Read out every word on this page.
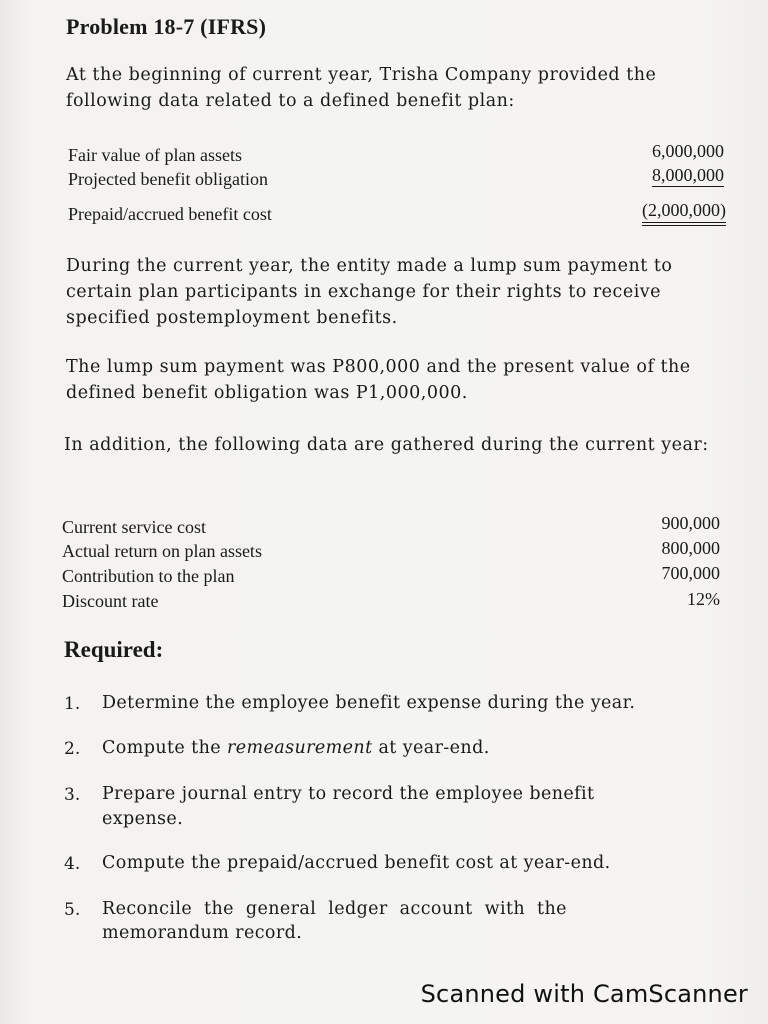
Problem 18-7 (IFRS)
At the beginning of current year, Trisha Company provided the following data related to a defined benefit plan:
Fair value of plan assets	6,000,000
Projected benefit obligation	8,000,000
Prepaid/accrued benefit cost	(2,000,000)
During the current year, the entity made a lump sum payment to certain plan participants in exchange for their rights to receive specified postemployment benefits.
The lump sum payment was P800,000 and the present value of the defined benefit obligation was P1,000,000.
In addition, the following data are gathered during the current year:
Current service cost	900,000
Actual return on plan assets	800,000
Contribution to the plan	700,000
Discount rate	12%
Required:
1. Determine the employee benefit expense during the year.
2. Compute the remeasurement at year-end.
3. Prepare journal entry to record the employee benefit
expense.
4. Compute the prepaid/accrued benefit cost at year-end.
5. Reconcile the general ledger account with the
memorandum record.
Scanned with CamScanner
